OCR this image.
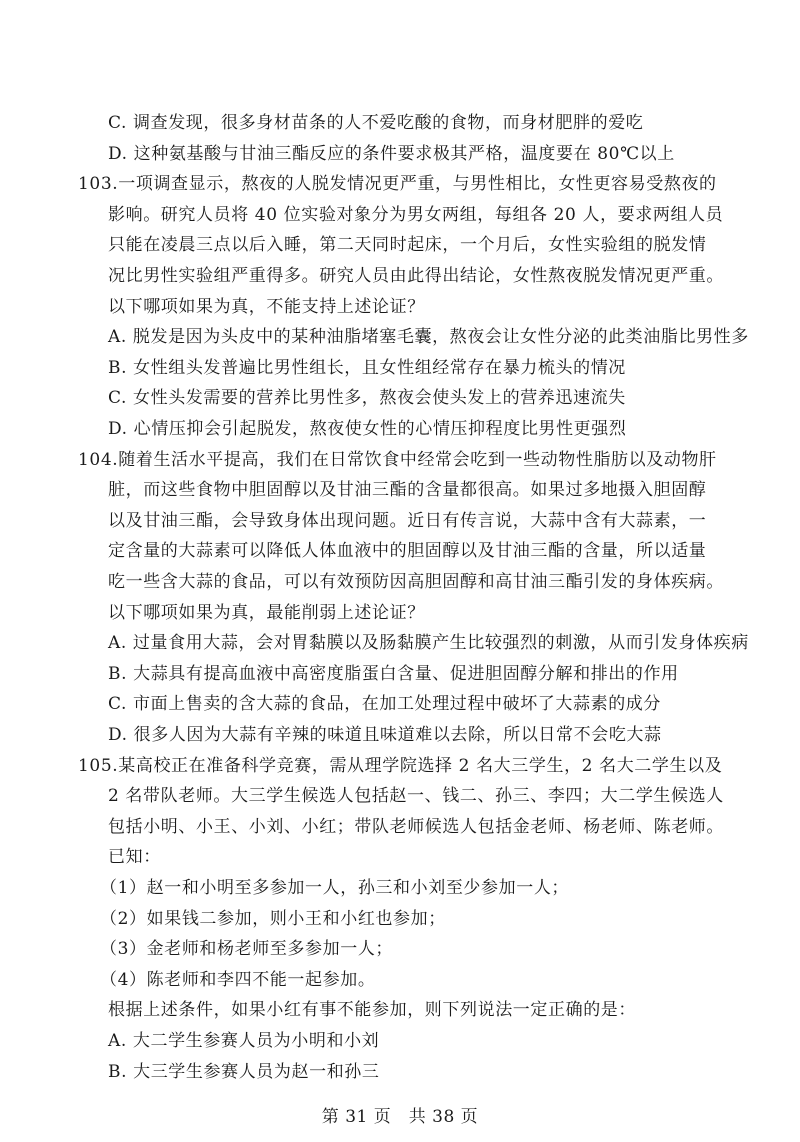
C. 调查发现，很多身材苗条的人不爱吃酸的食物，而身材肥胖的爱吃
D. 这种氨基酸与甘油三酯反应的条件要求极其严格，温度要在 80℃以上
103.一项调查显示，熬夜的人脱发情况更严重，与男性相比，女性更容易受熬夜的
影响。研究人员将 40 位实验对象分为男女两组，每组各 20 人，要求两组人员
只能在凌晨三点以后入睡，第二天同时起床，一个月后，女性实验组的脱发情
况比男性实验组严重得多。研究人员由此得出结论，女性熬夜脱发情况更严重。
以下哪项如果为真，不能支持上述论证？
A. 脱发是因为头皮中的某种油脂堵塞毛囊，熬夜会让女性分泌的此类油脂比男性多
B. 女性组头发普遍比男性组长，且女性组经常存在暴力梳头的情况
C. 女性头发需要的营养比男性多，熬夜会使头发上的营养迅速流失
D. 心情压抑会引起脱发，熬夜使女性的心情压抑程度比男性更强烈
104.随着生活水平提高，我们在日常饮食中经常会吃到一些动物性脂肪以及动物肝
脏，而这些食物中胆固醇以及甘油三酯的含量都很高。如果过多地摄入胆固醇
以及甘油三酯，会导致身体出现问题。近日有传言说，大蒜中含有大蒜素，一
定含量的大蒜素可以降低人体血液中的胆固醇以及甘油三酯的含量，所以适量
吃一些含大蒜的食品，可以有效预防因高胆固醇和高甘油三酯引发的身体疾病。
以下哪项如果为真，最能削弱上述论证？
A. 过量食用大蒜，会对胃黏膜以及肠黏膜产生比较强烈的刺激，从而引发身体疾病
B. 大蒜具有提高血液中高密度脂蛋白含量、促进胆固醇分解和排出的作用
C. 市面上售卖的含大蒜的食品，在加工处理过程中破坏了大蒜素的成分
D. 很多人因为大蒜有辛辣的味道且味道难以去除，所以日常不会吃大蒜
105.某高校正在准备科学竞赛，需从理学院选择 2 名大三学生，2 名大二学生以及
2 名带队老师。大三学生候选人包括赵一、钱二、孙三、李四；大二学生候选人
包括小明、小王、小刘、小红；带队老师候选人包括金老师、杨老师、陈老师。
已知：
（1）赵一和小明至多参加一人，孙三和小刘至少参加一人；
（2）如果钱二参加，则小王和小红也参加；
（3）金老师和杨老师至多参加一人；
（4）陈老师和李四不能一起参加。
根据上述条件，如果小红有事不能参加，则下列说法一定正确的是：
A. 大二学生参赛人员为小明和小刘
B. 大三学生参赛人员为赵一和孙三
第 31 页　共 38 页
